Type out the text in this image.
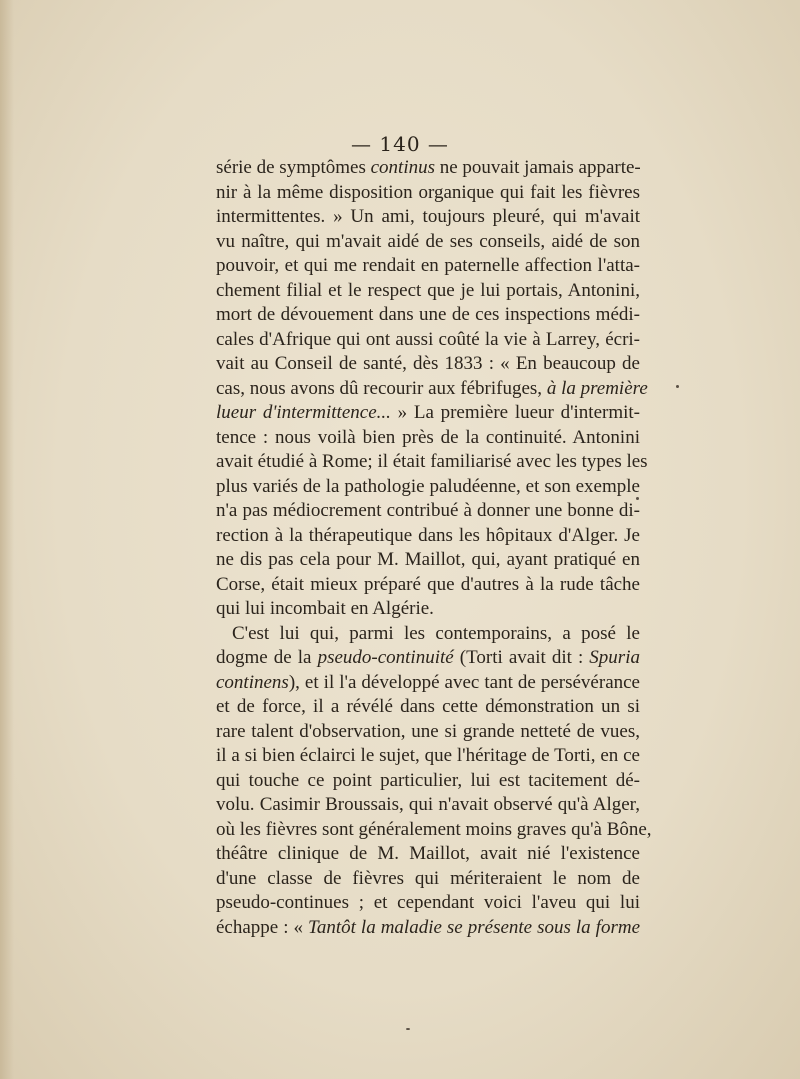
— 140 —
série de symptômes continus ne pouvait jamais apparte-
nir à la même disposition organique qui fait les fièvres
intermittentes. » Un ami, toujours pleuré, qui m'avait
vu naître, qui m'avait aidé de ses conseils, aidé de son
pouvoir, et qui me rendait en paternelle affection l'atta-
chement filial et le respect que je lui portais, Antonini,
mort de dévouement dans une de ces inspections médi-
cales d'Afrique qui ont aussi coûté la vie à Larrey, écri-
vait au Conseil de santé, dès 1833 : « En beaucoup de
cas, nous avons dû recourir aux fébrifuges, à la première
lueur d'intermittence... » La première lueur d'intermit-
tence : nous voilà bien près de la continuité. Antonini
avait étudié à Rome; il était familiarisé avec les types les
plus variés de la pathologie paludéenne, et son exemple
n'a pas médiocrement contribué à donner une bonne di-
rection à la thérapeutique dans les hôpitaux d'Alger. Je
ne dis pas cela pour M. Maillot, qui, ayant pratiqué en
Corse, était mieux préparé que d'autres à la rude tâche
qui lui incombait en Algérie.
C'est lui qui, parmi les contemporains, a posé le
dogme de la pseudo-continuité (Torti avait dit : Spuria
continens), et il l'a développé avec tant de persévérance
et de force, il a révélé dans cette démonstration un si
rare talent d'observation, une si grande netteté de vues,
il a si bien éclairci le sujet, que l'héritage de Torti, en ce
qui touche ce point particulier, lui est tacitement dé-
volu. Casimir Broussais, qui n'avait observé qu'à Alger,
où les fièvres sont généralement moins graves qu'à Bône,
théâtre clinique de M. Maillot, avait nié l'existence
d'une classe de fièvres qui mériteraient le nom de
pseudo-continues ; et cependant voici l'aveu qui lui
échappe : « Tantôt la maladie se présente sous la forme
